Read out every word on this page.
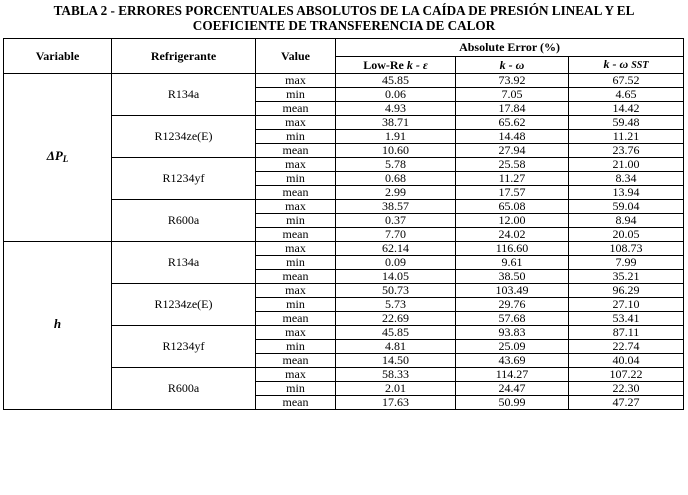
TABLA 2 - ERRORES PORCENTUALES ABSOLUTOS DE LA CAÍDA DE PRESIÓN LINEAL Y EL
COEFICIENTE DE TRANSFERENCIA DE CALOR
Variable	Refrigerante	Value	Absolute Error (%)		
			Low-Re k - ε	k - ω	k - ω SST
$\Delta P_L$	R134a	max	45.85	73.92	67.52
		min	0.06	7.05	4.65
		mean	4.93	17.84	14.42
	R1234ze(E)	max	38.71	65.62	59.48
		min	1.91	14.48	11.21
		mean	10.60	27.94	23.76
	R1234yf	max	5.78	25.58	21.00
		min	0.68	11.27	8.34
		mean	2.99	17.57	13.94
	R600a	max	38.57	65.08	59.04
		min	0.37	12.00	8.94
		mean	7.70	24.02	20.05
h	R134a	max	62.14	116.60	108.73
		min	0.09	9.61	7.99
		mean	14.05	38.50	35.21
	R1234ze(E)	max	50.73	103.49	96.29
		min	5.73	29.76	27.10
		mean	22.69	57.68	53.41
	R1234yf	max	45.85	93.83	87.11
		min	4.81	25.09	22.74
		mean	14.50	43.69	40.04
	R600a	max	58.33	114.27	107.22
		min	2.01	24.47	22.30
		mean	17.63	50.99	47.27
